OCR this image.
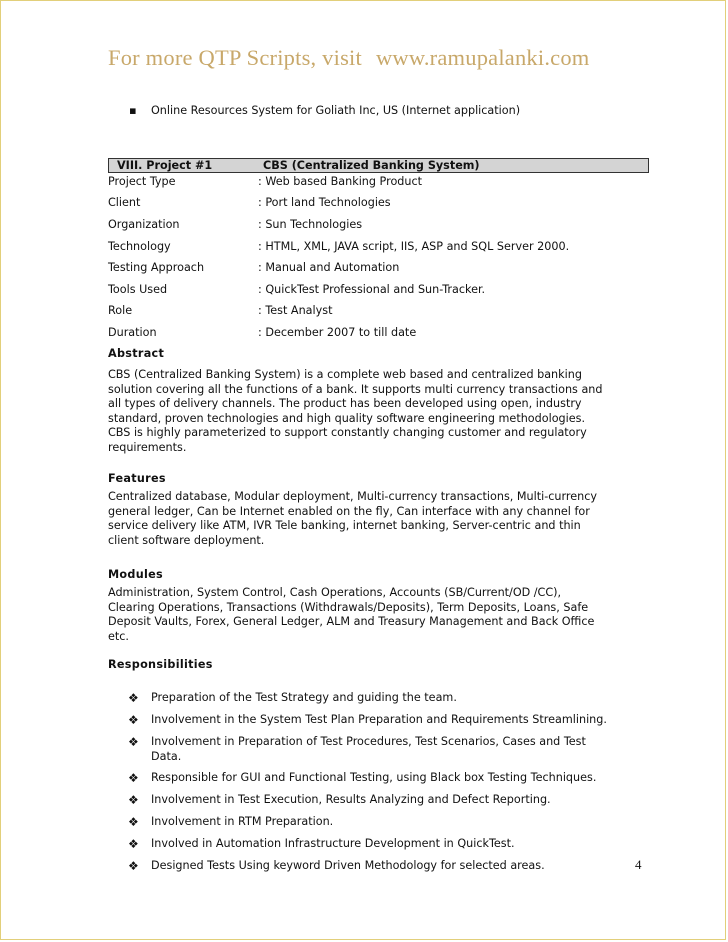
For more QTP Scripts, visit www.ramupalanki.com
▪ Online Resources System for Goliath Inc, US (Internet application)
VIII. Project #1	CBS (Centralized Banking System)
Project Type	: Web based Banking Product
Client	: Port land Technologies
Organization	: Sun Technologies
Technology	: HTML, XML, JAVA script, IIS, ASP and SQL Server 2000.
Testing Approach	: Manual and Automation
Tools Used	: QuickTest Professional and Sun-Tracker.
Role	: Test Analyst
Duration	: December 2007 to till date
Abstract
CBS (Centralized Banking System) is a complete web based and centralized banking
solution covering all the functions of a bank. It supports multi currency transactions and
all types of delivery channels. The product has been developed using open, industry
standard, proven technologies and high quality software engineering methodologies.
CBS is highly parameterized to support constantly changing customer and regulatory
requirements.
Features
Centralized database, Modular deployment, Multi-currency transactions, Multi-currency
general ledger, Can be Internet enabled on the fly, Can interface with any channel for
service delivery like ATM, IVR Tele banking, internet banking, Server-centric and thin
client software deployment.
Modules
Administration, System Control, Cash Operations, Accounts (SB/Current/OD /CC),
Clearing Operations, Transactions (Withdrawals/Deposits), Term Deposits, Loans, Safe
Deposit Vaults, Forex, General Ledger, ALM and Treasury Management and Back Office
etc.
Responsibilities
❖ Preparation of the Test Strategy and guiding the team.
❖ Involvement in the System Test Plan Preparation and Requirements Streamlining.
❖ Involvement in Preparation of Test Procedures, Test Scenarios, Cases and Test
Data.
❖ Responsible for GUI and Functional Testing, using Black box Testing Techniques.
❖ Involvement in Test Execution, Results Analyzing and Defect Reporting.
❖ Involvement in RTM Preparation.
❖ Involved in Automation Infrastructure Development in QuickTest.
❖ Designed Tests Using keyword Driven Methodology for selected areas.	4
